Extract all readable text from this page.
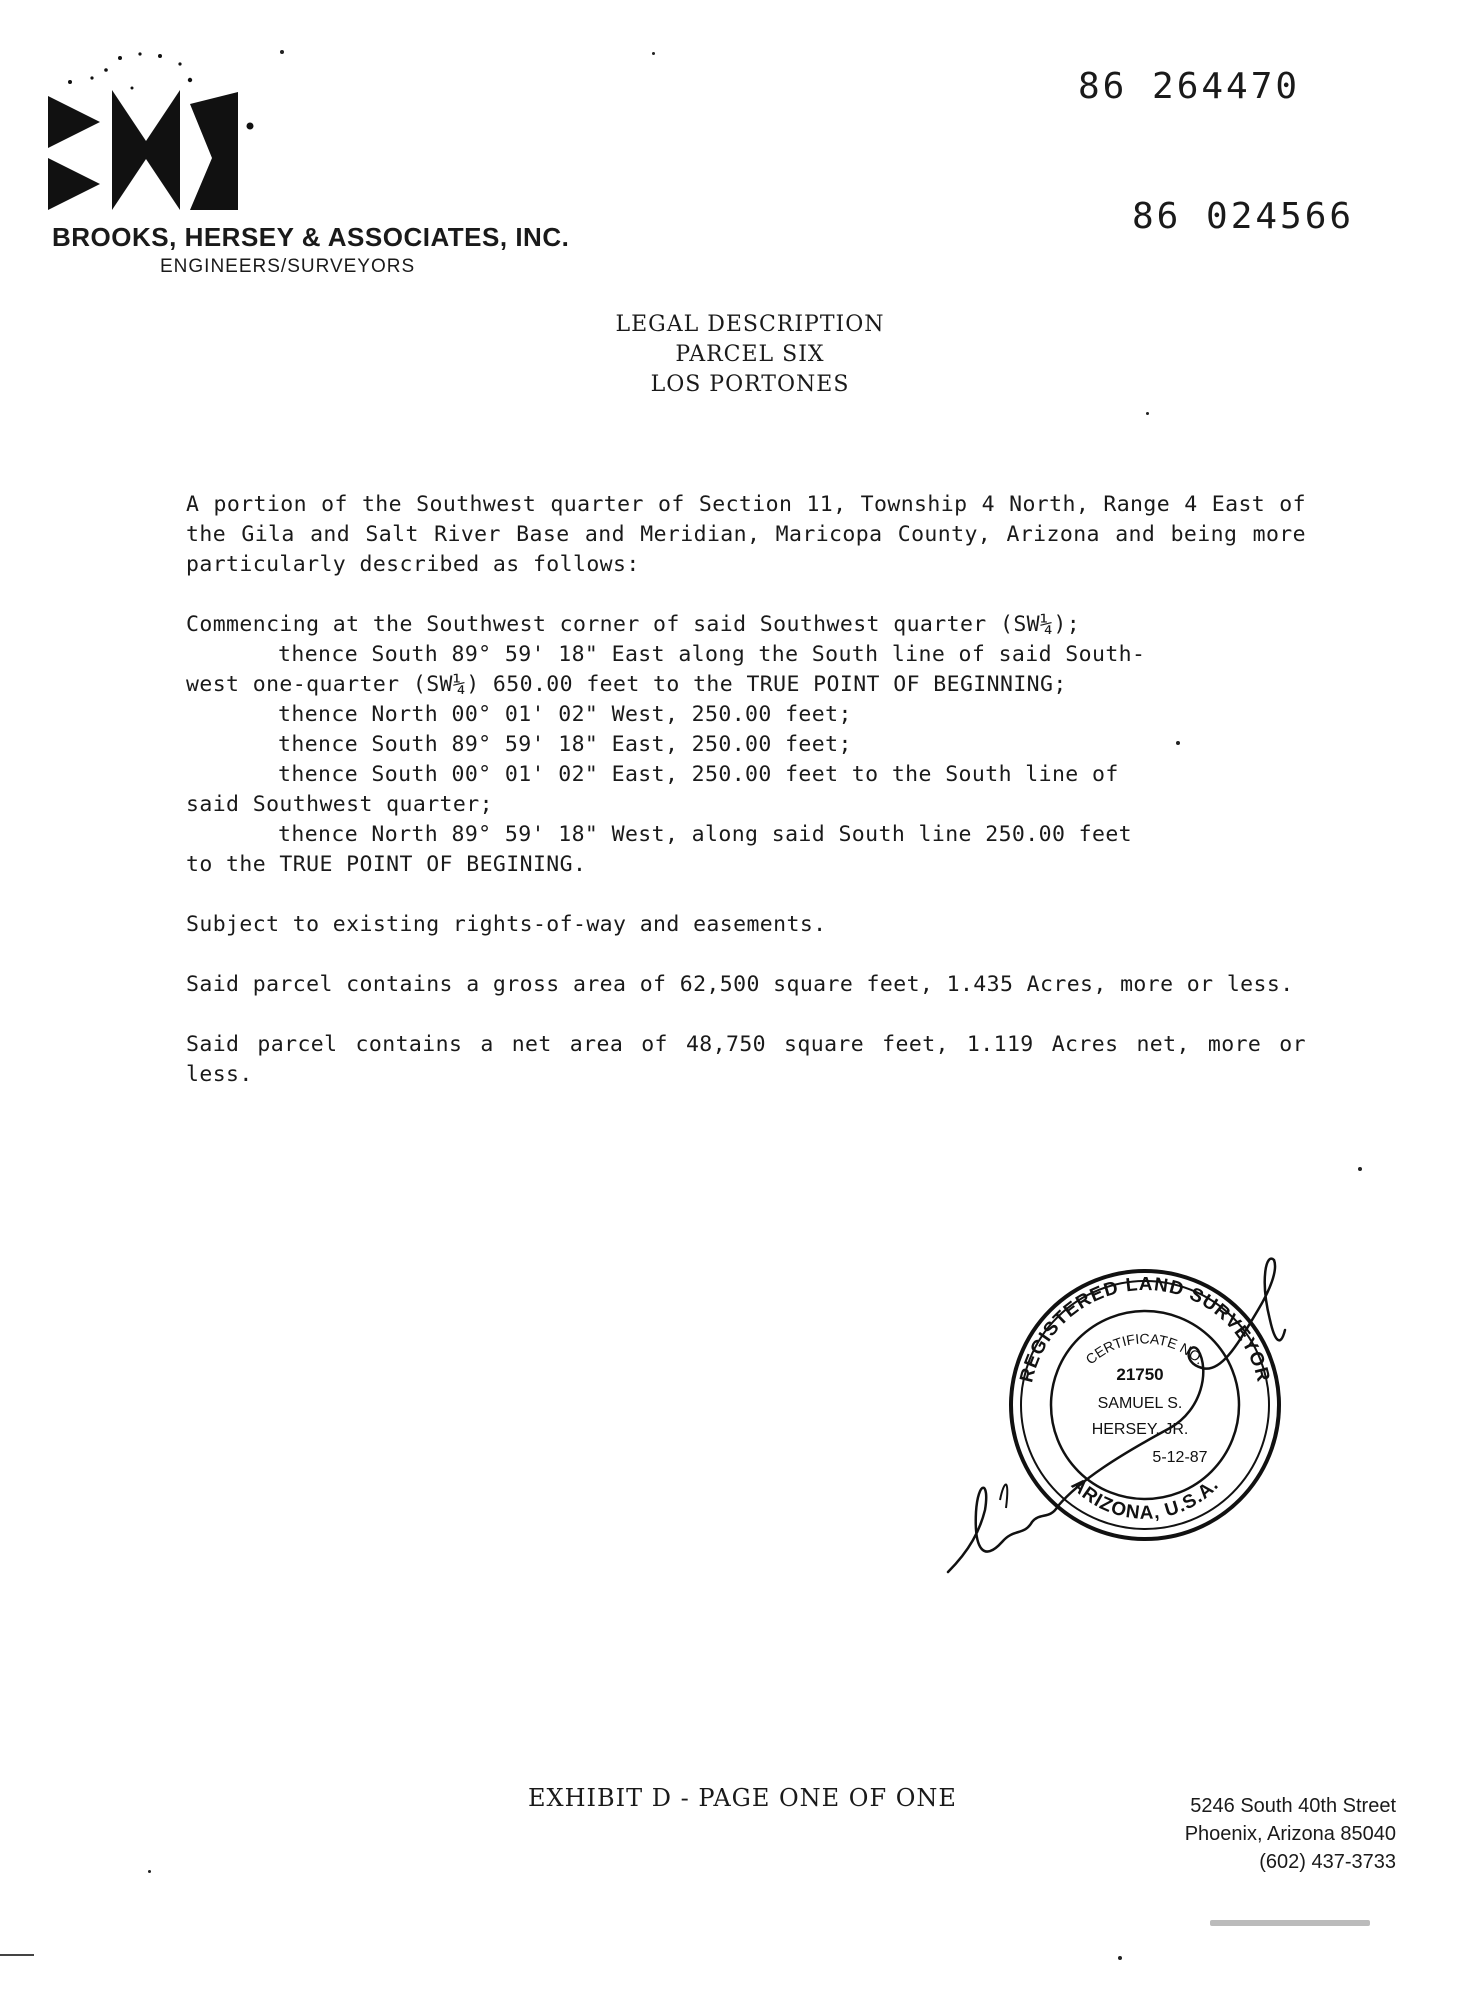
BROOKS, HERSEY & ASSOCIATES, INC.
ENGINEERS/SURVEYORS
86 264470
86 024566
LEGAL DESCRIPTION
PARCEL SIX
LOS PORTONES

A portion of the Southwest quarter of Section 11, Township 4 North, Range 4 East of the Gila and Salt River Base and Meridian, Maricopa County, Arizona and being more particularly described as follows:

Commencing at the Southwest corner of said Southwest quarter (SW¼);
thence South 89° 59' 18" East along the South line of said South-
west one-quarter (SW¼) 650.00 feet to the TRUE POINT OF BEGINNING;
thence North 00° 01' 02" West, 250.00 feet;
thence South 89° 59' 18" East, 250.00 feet;
thence South 00° 01' 02" East, 250.00 feet to the South line of
said Southwest quarter;
thence North 89° 59' 18" West, along said South line 250.00 feet
to the TRUE POINT OF BEGINING.

Subject to existing rights-of-way and easements.

Said parcel contains a gross area of 62,500 square feet, 1.435 Acres, more or less.

Said parcel contains a net area of 48,750 square feet, 1.119 Acres net, more or less.

REGISTERED LAND SURVEYOR
ARIZONA, U.S.A.
CERTIFICATE NO.
21750
SAMUEL S.
HERSEY, JR.
5-12-87
EXHIBIT D - PAGE ONE OF ONE	5246 South 40th Street
Phoenix, Arizona 85040
(602) 437-3733
